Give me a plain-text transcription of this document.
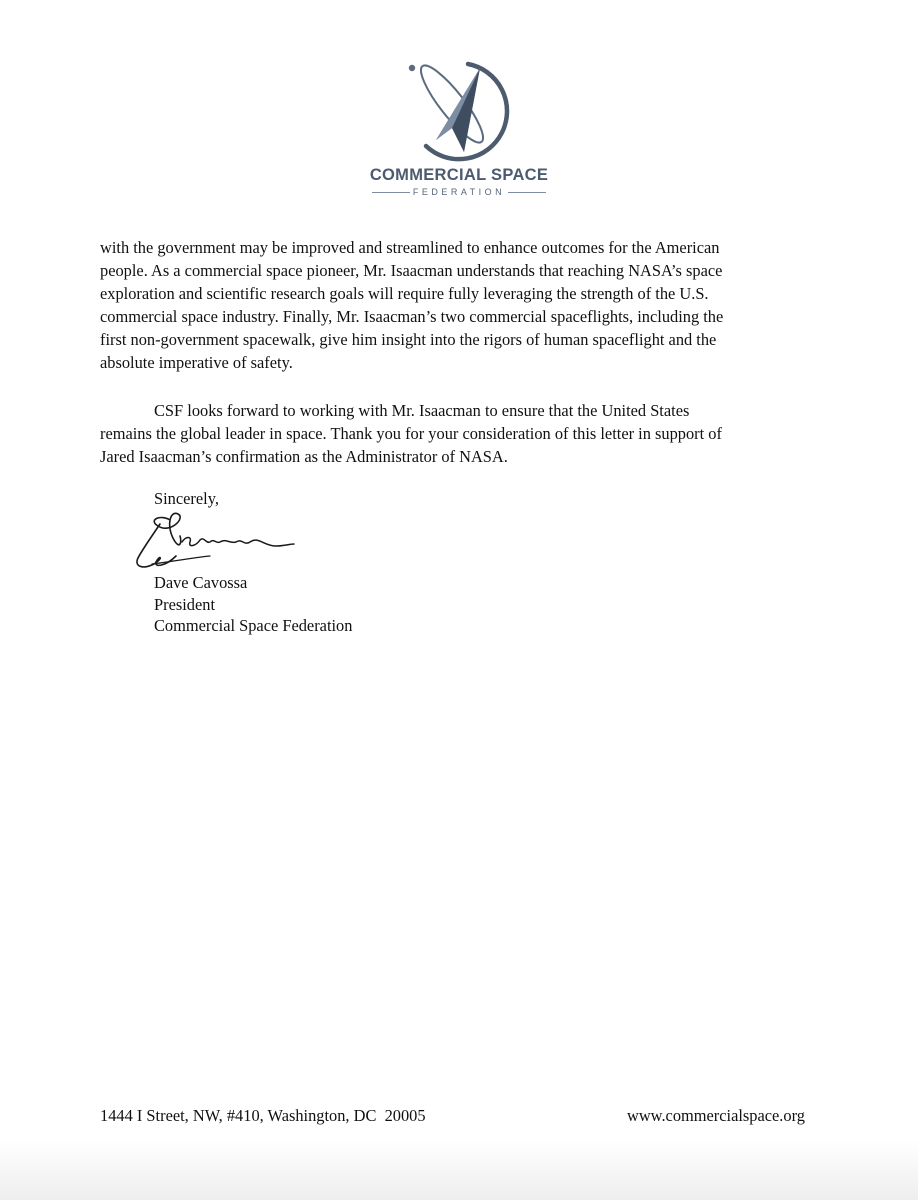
COMMERCIAL SPACE
FEDERATION
with the government may be improved and streamlined to enhance outcomes for the American
people. As a commercial space pioneer, Mr. Isaacman understands that reaching NASA’s space
exploration and scientific research goals will require fully leveraging the strength of the U.S.
commercial space industry. Finally, Mr. Isaacman’s two commercial spaceflights, including the
first non-government spacewalk, give him insight into the rigors of human spaceflight and the
absolute imperative of safety.
CSF looks forward to working with Mr. Isaacman to ensure that the United States
remains the global leader in space. Thank you for your consideration of this letter in support of
Jared Isaacman’s confirmation as the Administrator of NASA.
Sincerely,
Dave Cavossa
President
Commercial Space Federation
1444 I Street, NW, #410, Washington, DC  20005	www.commercialspace.org
